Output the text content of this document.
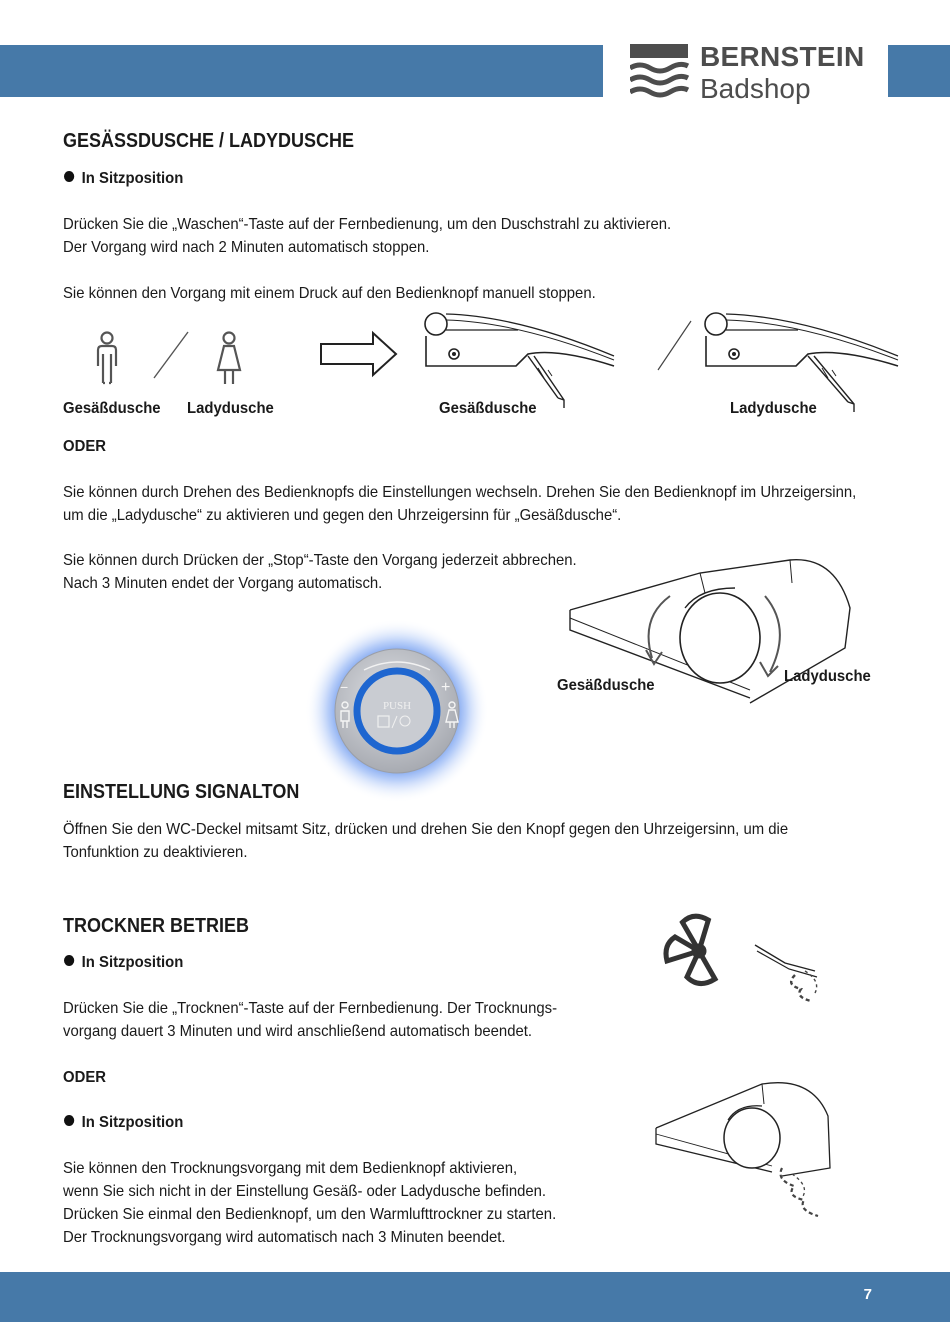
BERNSTEIN
Badshop
GESÄSSDUSCHE / LADYDUSCHE
In Sitzposition
Drücken Sie die „Waschen“-Taste auf der Fernbedienung, um den Duschstrahl zu aktivieren.
Der Vorgang wird nach 2 Minuten automatisch stoppen.
Sie können den Vorgang mit einem Druck auf den Bedienknopf manuell stoppen.
Gesäßdusche Ladydusche	Gesäßdusche	Ladydusche
ODER
Sie können durch Drehen des Bedienknopfs die Einstellungen wechseln. Drehen Sie den Bedienknopf im Uhrzeigersinn,
um die „Ladydusche“ zu aktivieren und gegen den Uhrzeigersinn für „Gesäßdusche“.
Sie können durch Drücken der „Stop“-Taste den Vorgang jederzeit abbrechen.
Nach 3 Minuten endet der Vorgang automatisch.
Gesäßdusche
Ladydusche
−	+
PUSH
EINSTELLUNG SIGNALTON
Öffnen Sie den WC-Deckel mitsamt Sitz, drücken und drehen Sie den Knopf gegen den Uhrzeigersinn, um die
Tonfunktion zu deaktivieren.
TROCKNER BETRIEB
In Sitzposition
Drücken Sie die „Trocknen“-Taste auf der Fernbedienung. Der Trocknungs-
vorgang dauert 3 Minuten und wird anschließend automatisch beendet.
ODER
In Sitzposition
Sie können den Trocknungsvorgang mit dem Bedienknopf aktivieren,
wenn Sie sich nicht in der Einstellung Gesäß- oder Ladydusche befinden.
Drücken Sie einmal den Bedienknopf, um den Warmlufttrockner zu starten.
Der Trocknungsvorgang wird automatisch nach 3 Minuten beendet.
7
